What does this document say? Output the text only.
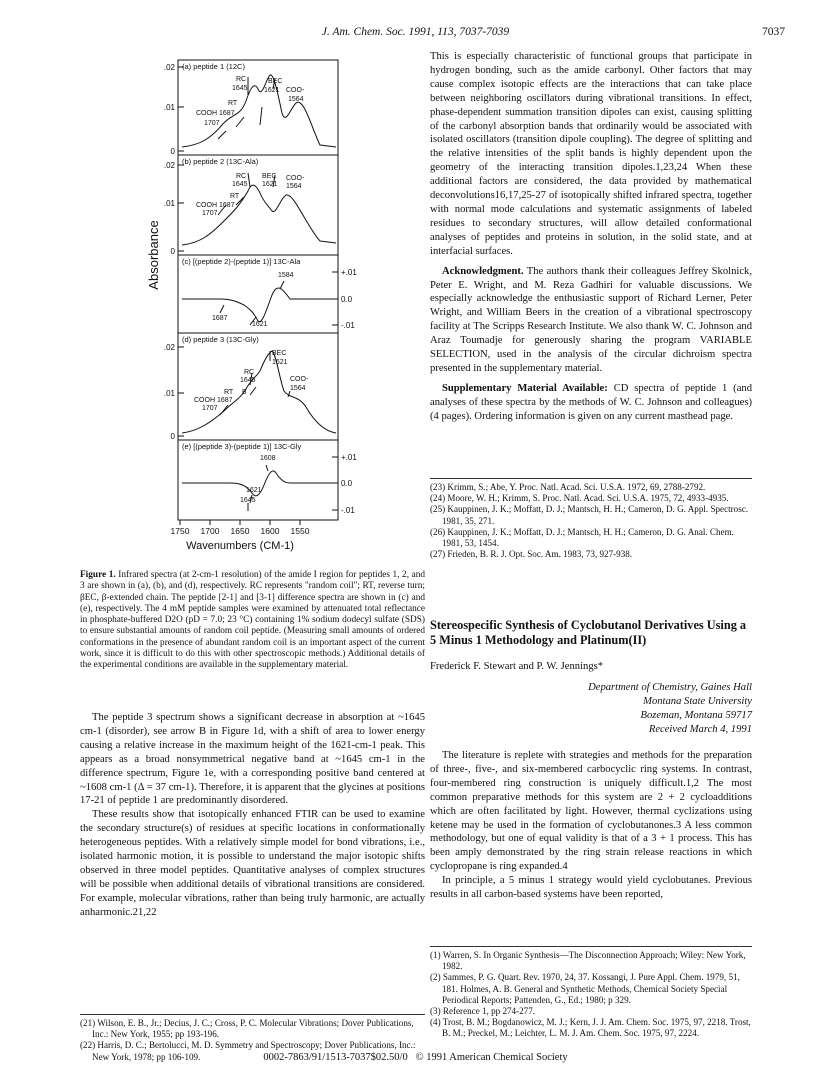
J. Am. Chem. Soc. 1991, 113, 7037-7039	7037
Absorbance
.02
.01
0
.02
.01
0
.02
.01
0
+.01
0.0
-.01
+.01
0.0
-.01
1750 1700 1650 1600 1550
Wavenumbers (CM-1)
(a) peptide 1 (12C)
(b) peptide 2 (13C-Ala)
(c) [(peptide 2)-(peptide 1)] 13C-Ala
(d) peptide 3 (13C-Gly)
(e) [(peptide 3)-(peptide 1)] 13C-Gly
RC
1645
BEC
1621 COO-
1564
RT
COOH 1687
1707
RC
1645
BEC
1621
COO-
1564
RT
COOH 1687
1707
1584
1687
1621
BEC
1621
RC
1645
RT B
COO-
1564
COOH 1687
1707
1608
1621
1645
Figure 1. Infrared spectra (at 2-cm-1 resolution) of the amide I region for peptides 1, 2, and 3 are shown in (a), (b), and (d), respectively. RC represents "random coil"; RT, reverse turn; βEC, β-extended chain. The peptide [2-1] and [3-1] difference spectra are shown in (c) and (e), respectively. The 4 mM peptide samples were examined by attenuated total reflectance in phosphate-buffered D2O (pD = 7.0; 23 °C) containing 1% sodium dodecyl sulfate (SDS) to ensure substantial amounts of random coil peptide. (Measuring small amounts of ordered conformations in the presence of abundant random coil is an important aspect of the current work, since it is difficult to do this with other spectroscopic methods.) Additional details of the experimental conditions are available in the supplementary material.

The peptide 3 spectrum shows a significant decrease in absorption at ~1645 cm-1 (disorder), see arrow B in Figure 1d, with a shift of area to lower energy causing a relative increase in the maximum height of the 1621-cm-1 peak. This appears as a broad nonsymmetrical negative band at ~1645 cm-1 in the difference spectrum, Figure 1e, with a corresponding positive band centered at ~1608 cm-1 (Δ = 37 cm-1). Therefore, it is apparent that the glycines at positions 17-21 of peptide 1 are predominantly disordered.

These results show that isotopically enhanced FTIR can be used to examine the secondary structure(s) of residues at specific locations in conformationally heterogeneous peptides. With a relatively simple model for bond vibrations, i.e., isolated harmonic motion, it is possible to understand the major isotopic shifts observed in three model peptides. Quantitative analyses of complex structures will be possible when additional details of vibrational transitions are considered. For example, molecular vibrations, rather than being truly harmonic, are actually anharmonic.21,22

(21) Wilson, E. B., Jr.; Decius, J. C.; Cross, P. C. Molecular Vibrations; Dover Publications, Inc.: New York, 1955; pp 193-196.
(22) Harris, D. C.; Bertolucci, M. D. Symmetry and Spectroscopy; Dover Publications, Inc.: New York, 1978; pp 106-109.

This is especially characteristic of functional groups that participate in hydrogen bonding, such as the amide carbonyl. Other factors that may cause complex isotopic effects are the interactions that can take place between neighboring oscillators during vibrational transitions. In effect, phase-dependent summation transition dipoles can exist, causing splitting of the carbonyl absorption bands that ordinarily would be associated with isolated oscillators (transition dipole coupling). The degree of splitting and the relative intensities of the split bands is highly dependent upon the geometry of the interacting transition dipoles.1,23,24 When these additional factors are considered, the data provided by mathematical deconvolutions16,17,25-27 of isotopically shifted infrared spectra, together with normal mode calculations and systematic assignments of labeled residues to secondary structures, will allow detailed conformational analyses of peptides and proteins in solution, in the solid state, and at interfacial surfaces.

Acknowledgment. The authors thank their colleagues Jeffrey Skolnick, Peter E. Wright, and M. Reza Gadhiri for valuable discussions. We especially acknowledge the enthusiastic support of Richard Lerner, Peter Wright, and William Beers in the creation of a vibrational spectroscopy facility at The Scripps Research Institute. We also thank W. C. Johnson and Araz Toumadje for generously sharing the program VARIABLE SELECTION, used in the analysis of the circular dichroism spectra presented in the supplementary material.

Supplementary Material Available: CD spectra of peptide 1 (and analyses of these spectra by the methods of W. C. Johnson and colleagues) (4 pages). Ordering information is given on any current masthead page.

(23) Krimm, S.; Abe, Y. Proc. Natl. Acad. Sci. U.S.A. 1972, 69, 2788-2792.
(24) Moore, W. H.; Krimm, S. Proc. Natl. Acad. Sci. U.S.A. 1975, 72, 4933-4935.
(25) Kauppinen, J. K.; Moffatt, D. J.; Mantsch, H. H.; Cameron, D. G. Appl. Spectrosc. 1981, 35, 271.
(26) Kauppinen, J. K.; Moffatt, D. J.; Mantsch, H. H.; Cameron, D. G. Anal. Chem. 1981, 53, 1454.
(27) Frieden, B. R. J. Opt. Soc. Am. 1983, 73, 927-938.
Stereospecific Synthesis of Cyclobutanol Derivatives Using a 5 Minus 1 Methodology and Platinum(II)
Frederick F. Stewart and P. W. Jennings*
Department of Chemistry, Gaines Hall
Montana State University
Bozeman, Montana 59717
Received March 4, 1991

The literature is replete with strategies and methods for the preparation of three-, five-, and six-membered carbocyclic ring systems. In contrast, four-membered ring construction is uniquely difficult.1,2 The most common preparative methods for this system are 2 + 2 cycloadditions which are often facilitated by light. However, thermal cyclizations using ketene may be used in the formation of cyclobutanones.3 A less common methodology, but one of equal validity is that of a 3 + 1 process. This has been amply demonstrated by the ring strain release reactions in which cyclopropane is ring expanded.4

In principle, a 5 minus 1 strategy would yield cyclobutanes. Previous results in all carbon-based systems have been reported,

(1) Warren, S. In Organic Synthesis—The Disconnection Approach; Wiley: New York, 1982.
(2) Sammes, P. G. Quart. Rev. 1970, 24, 37. Kossangi, J. Pure Appl. Chem. 1979, 51, 181. Holmes, A. B. General and Synthetic Methods, Chemical Society Special Periodical Reports; Pattenden, G., Ed.; 1980; p 329.
(3) Reference 1, pp 274-277.
(4) Trost, B. M.; Bogdanowicz, M. J.; Kern, J. J. Am. Chem. Soc. 1975, 97, 2218. Trost, B. M.; Preckel, M.; Leichter, L. M. J. Am. Chem. Soc. 1975, 97, 2224.
0002-7863/91/1513-7037$02.50/0   © 1991 American Chemical Society
